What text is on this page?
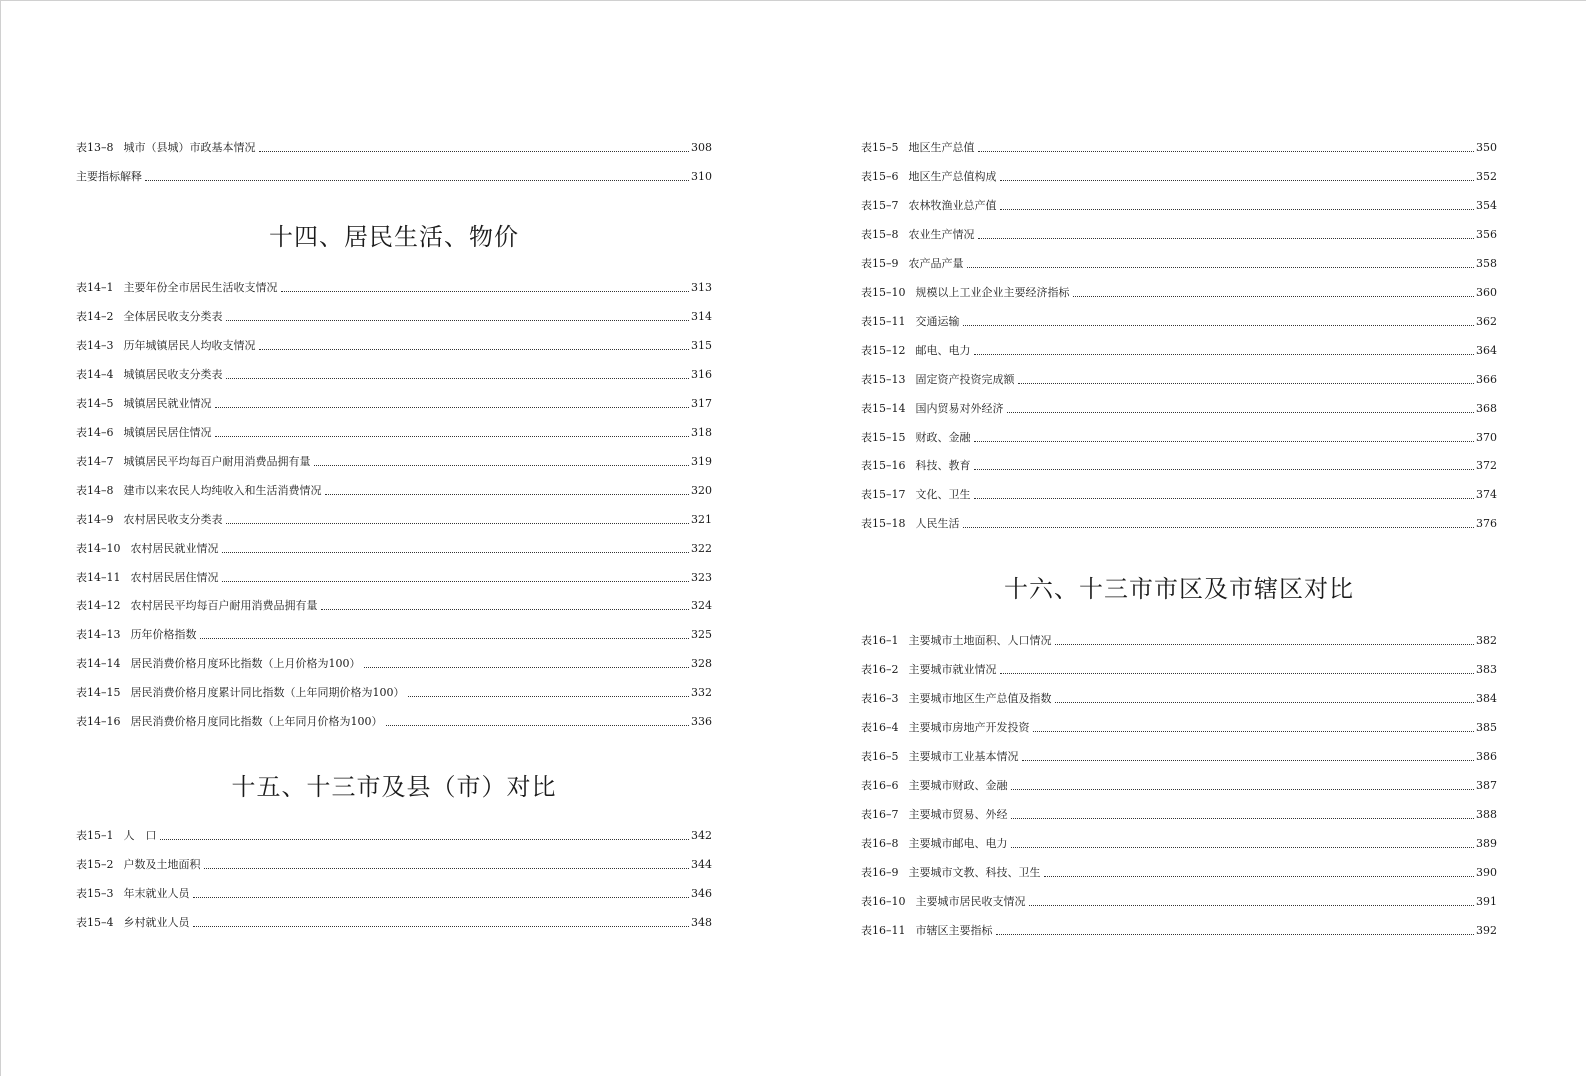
表13–8 城市（县城）市政基本情况	308
主要指标解释	310
十四、居民生活、物价
表14–1 主要年份全市居民生活收支情况	313
表14–2 全体居民收支分类表	314
表14–3 历年城镇居民人均收支情况	315
表14–4 城镇居民收支分类表	316
表14–5 城镇居民就业情况	317
表14–6 城镇居民居住情况	318
表14–7 城镇居民平均每百户耐用消费品拥有量	319
表14–8 建市以来农民人均纯收入和生活消费情况	320
表14–9 农村居民收支分类表	321
表14–10 农村居民就业情况	322
表14–11 农村居民居住情况	323
表14–12 农村居民平均每百户耐用消费品拥有量	324
表14–13 历年价格指数	325
表14–14 居民消费价格月度环比指数（上月价格为100）	328
表14–15 居民消费价格月度累计同比指数（上年同期价格为100）	332
表14–16 居民消费价格月度同比指数（上年同月价格为100）	336
十五、十三市及县（市）对比
表15–1 人　口	342
表15–2 户数及土地面积	344
表15–3 年末就业人员	346
表15–4 乡村就业人员	348
表15–5 地区生产总值	350
表15–6 地区生产总值构成	352
表15–7 农林牧渔业总产值	354
表15–8 农业生产情况	356
表15–9 农产品产量	358
表15–10 规模以上工业企业主要经济指标	360
表15–11 交通运输	362
表15–12 邮电、电力	364
表15–13 固定资产投资完成额	366
表15–14 国内贸易对外经济	368
表15–15 财政、金融	370
表15–16 科技、教育	372
表15–17 文化、卫生	374
表15–18 人民生活	376
十六、十三市市区及市辖区对比
表16–1 主要城市土地面积、人口情况	382
表16–2 主要城市就业情况	383
表16–3 主要城市地区生产总值及指数	384
表16–4 主要城市房地产开发投资	385
表16–5 主要城市工业基本情况	386
表16–6 主要城市财政、金融	387
表16–7 主要城市贸易、外经	388
表16–8 主要城市邮电、电力	389
表16–9 主要城市文教、科技、卫生	390
表16–10 主要城市居民收支情况	391
表16–11 市辖区主要指标	392
